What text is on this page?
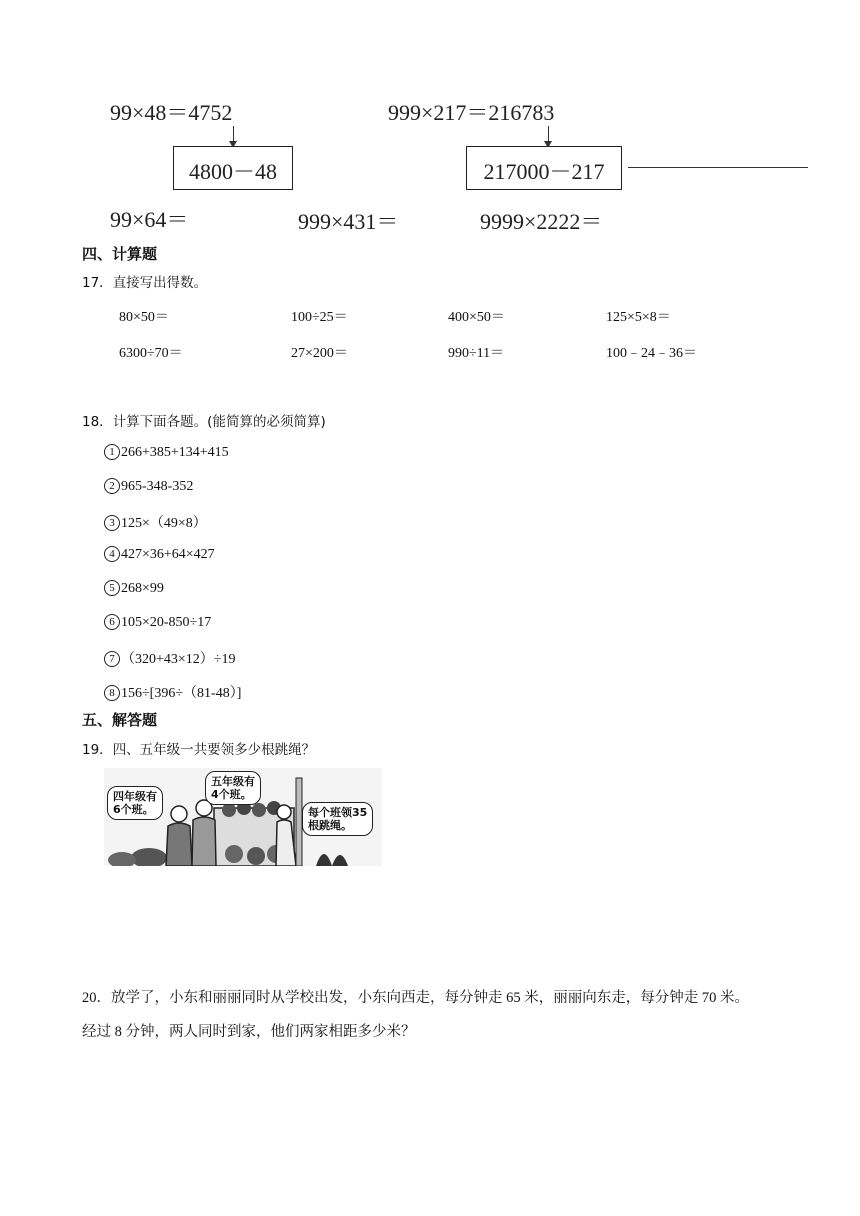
99×48＝4752
4800－48
999×217＝216783
217000－217
99×64＝	999×431＝	9999×2222＝
四、计算题
17．直接写出得数。
80×50＝	100÷25＝	400×50＝	125×5×8＝
6300÷70＝	27×200＝	990÷11＝	100﹣24﹣36＝
18．计算下面各题。(能简算的必须简算)
1 266+385+134+415
2 965-348-352
3 125×（49×8）
4 427×36+64×427
5 268×99
6 105×20-850÷17
7 （320+43×12）÷19
8 156÷[396÷（81-48）]
五、解答题
19．四、五年级一共要领多少根跳绳？
四年级有
6个班。
五年级有
4个班。
每个班领35
根跳绳。
20．放学了，小东和丽丽同时从学校出发，小东向西走，每分钟走 65 米，丽丽向东走，每分钟走 70 米。
经过 8 分钟，两人同时到家，他们两家相距多少米？
